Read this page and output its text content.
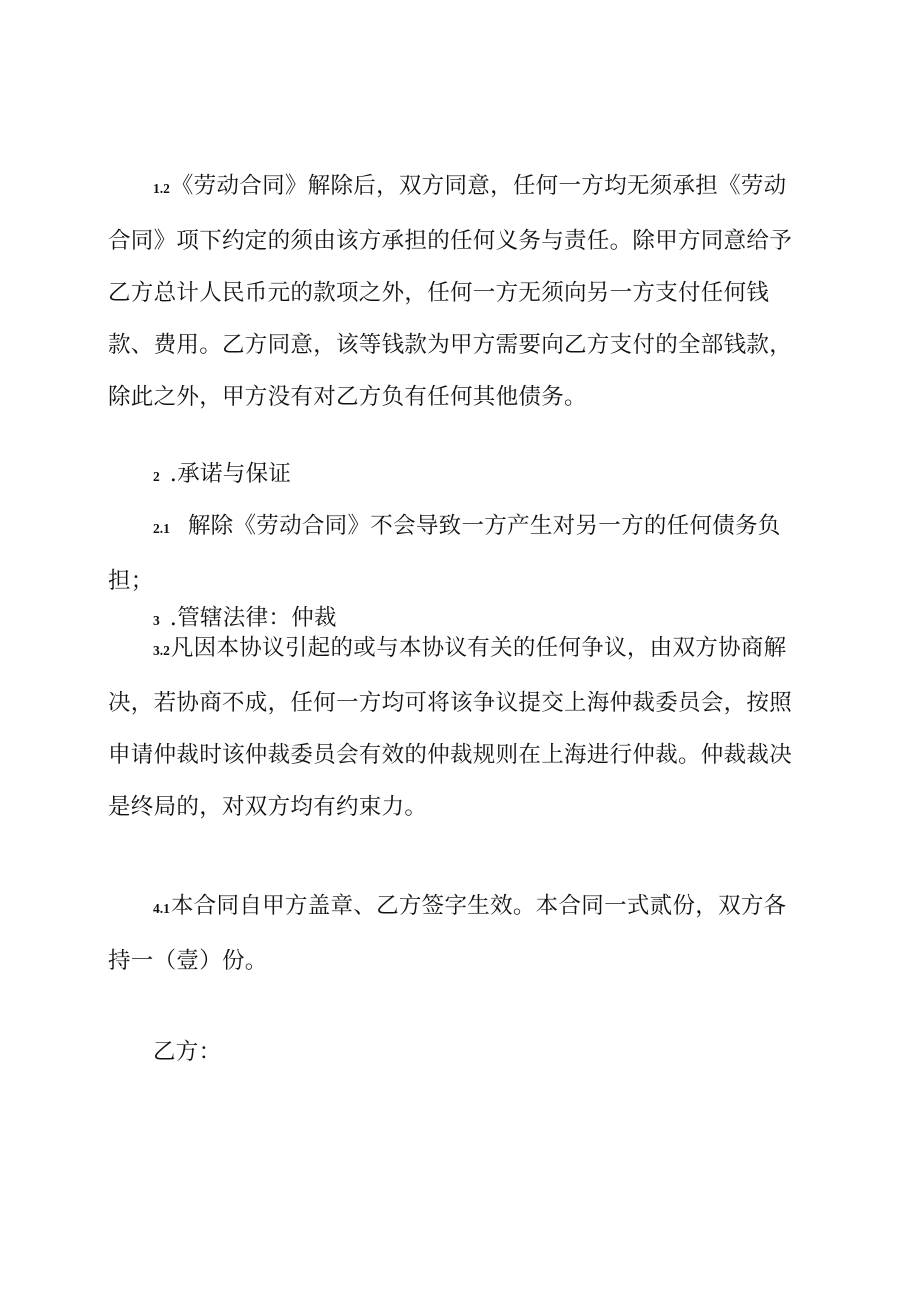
1.2《劳动合同》解除后，双方同意，任何一方均无须承担《劳动合同》项下约定的须由该方承担的任何义务与责任。除甲方同意给予乙方总计人民币元的款项之外，任何一方无须向另一方支付任何钱款、费用。乙方同意，该等钱款为甲方需要向乙方支付的全部钱款，除此之外，甲方没有对乙方负有任何其他债务。

2 .承诺与保证

2.1 解除《劳动合同》不会导致一方产生对另一方的任何债务负担；

3 .管辖法律：仲裁

3.2凡因本协议引起的或与本协议有关的任何争议，由双方协商解决，若协商不成，任何一方均可将该争议提交上海仲裁委员会，按照申请仲裁时该仲裁委员会有效的仲裁规则在上海进行仲裁。仲裁裁决是终局的，对双方均有约束力。

4.1本合同自甲方盖章、乙方签字生效。本合同一式贰份，双方各持一（壹）份。

乙方：
